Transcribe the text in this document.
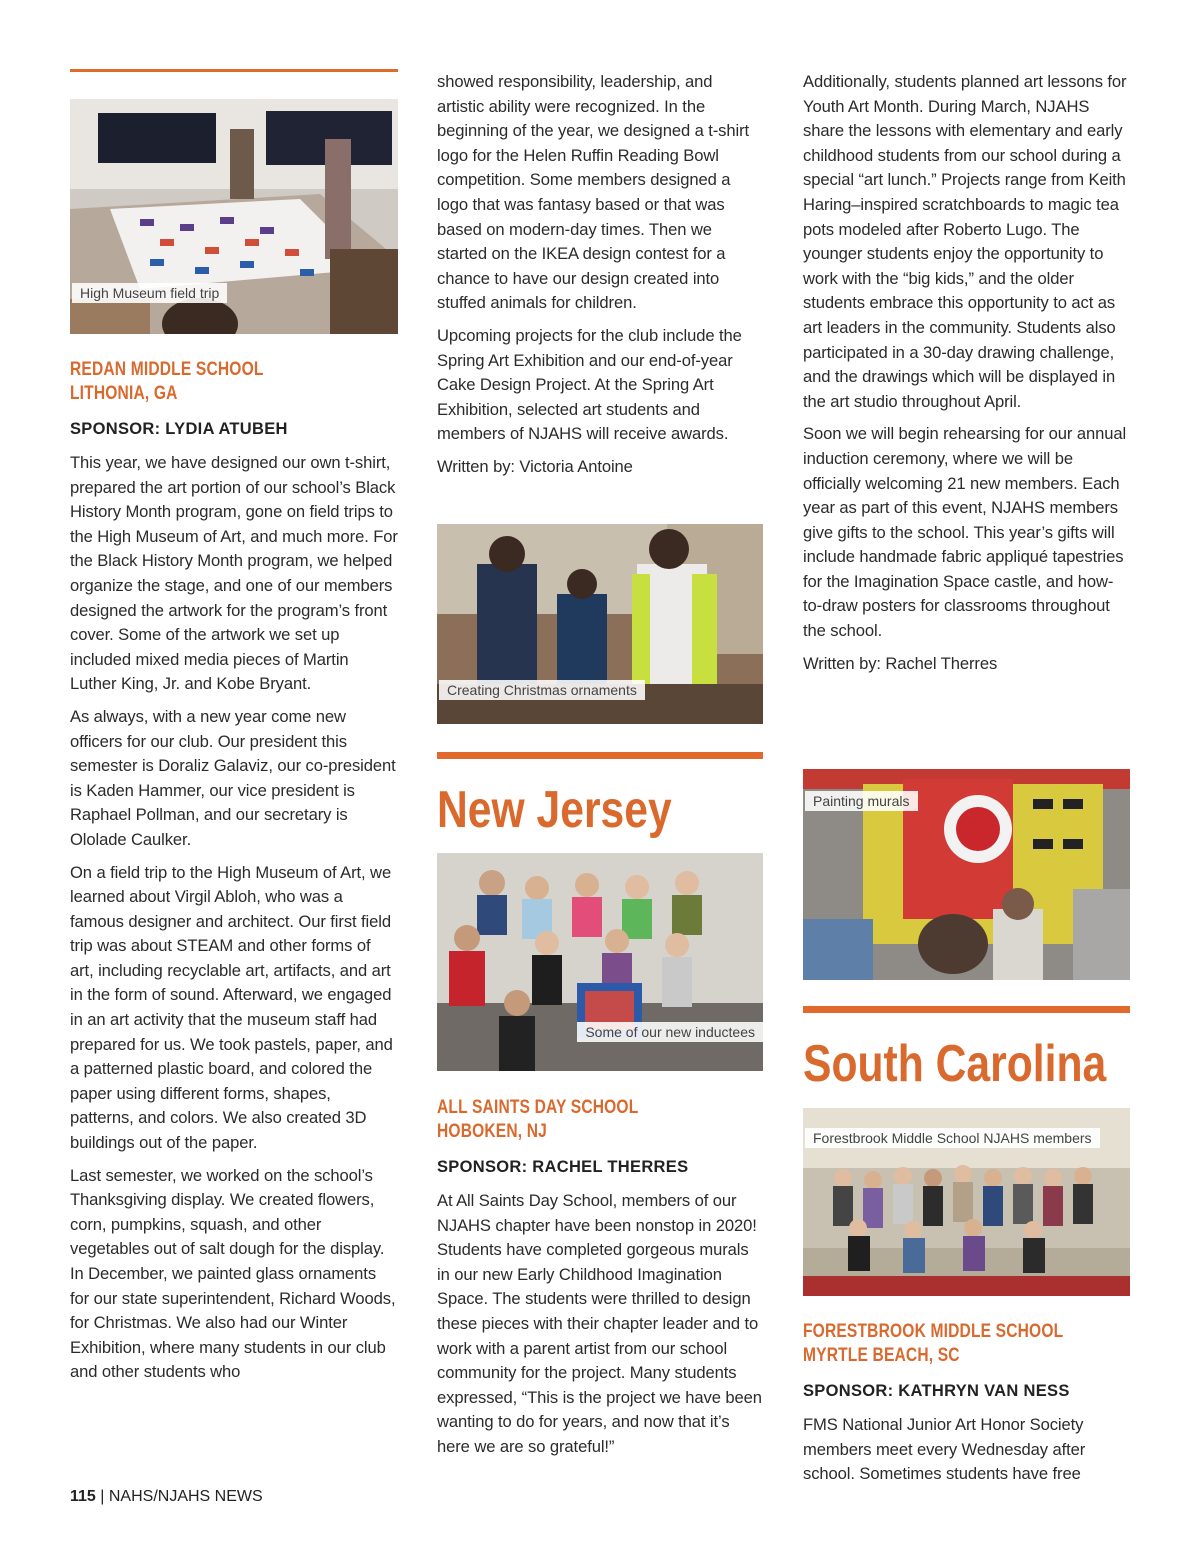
High Museum field trip
REDAN MIDDLE SCHOOL
LITHONIA, GA
SPONSOR: LYDIA ATUBEH

This year, we have designed our own t-shirt, prepared the art portion of our school’s Black History Month program, gone on field trips to the High Museum of Art, and much more. For the Black History Month program, we helped organize the stage, and one of our members designed the artwork for the program’s front cover. Some of the artwork we set up included mixed media pieces of Martin Luther King, Jr. and Kobe Bryant.

As always, with a new year come new officers for our club. Our president this semester is Doraliz Galaviz, our co-president is Kaden Hammer, our vice president is Raphael Pollman, and our secretary is Ololade Caulker.

On a field trip to the High Museum of Art, we learned about Virgil Abloh, who was a famous designer and architect. Our first field trip was about STEAM and other forms of art, including recyclable art, artifacts, and art in the form of sound. Afterward, we engaged in an art activity that the museum staff had prepared for us. We took pastels, paper, and a patterned plastic board, and colored the paper using different forms, shapes, patterns, and colors. We also created 3D buildings out of the paper.

Last semester, we worked on the school’s Thanksgiving display. We created flowers, corn, pumpkins, squash, and other vegetables out of salt dough for the display. In December, we painted glass ornaments for our state superintendent, Richard Woods, for Christmas. We also had our Winter Exhibition, where many students in our club and other students who

showed responsibility, leadership, and artistic ability were recognized. In the beginning of the year, we designed a t-shirt logo for the Helen Ruffin Reading Bowl competition. Some members designed a logo that was fantasy based or that was based on modern-day times. Then we started on the IKEA design contest for a chance to have our design created into stuffed animals for children.

Upcoming projects for the club include the Spring Art Exhibition and our end-of-year Cake Design Project. At the Spring Art Exhibition, selected art students and members of NJAHS will receive awards.

Written by: Victoria Antoine

Creating Christmas ornaments
New Jersey
Some of our new inductees
ALL SAINTS DAY SCHOOL
HOBOKEN, NJ
SPONSOR: RACHEL THERRES

At All Saints Day School, members of our NJAHS chapter have been nonstop in 2020! Students have completed gorgeous murals in our new Early Childhood Imagination Space. The students were thrilled to design these pieces with their chapter leader and to work with a parent artist from our school community for the project. Many students expressed, “This is the project we have been wanting to do for years, and now that it’s here we are so grateful!”

Additionally, students planned art lessons for Youth Art Month. During March, NJAHS share the lessons with elementary and early childhood students from our school during a special “art lunch.” Projects range from Keith Haring–inspired scratchboards to magic tea pots modeled after Roberto Lugo. The younger students enjoy the opportunity to work with the “big kids,” and the older students embrace this opportunity to act as art leaders in the community. Students also participated in a 30-day drawing challenge, and the drawings which will be displayed in the art studio throughout April.

Soon we will begin rehearsing for our annual induction ceremony, where we will be officially welcoming 21 new members. Each year as part of this event, NJAHS members give gifts to the school. This year’s gifts will include handmade fabric appliqué tapestries for the Imagination Space castle, and how-to-draw posters for classrooms throughout the school.

Written by: Rachel Therres

Painting murals
South Carolina
Forestbrook Middle School NJAHS members
FORESTBROOK MIDDLE SCHOOL
MYRTLE BEACH, SC
SPONSOR: KATHRYN VAN NESS

FMS National Junior Art Honor Society members meet every Wednesday after school. Sometimes students have free

115 | NAHS/NJAHS NEWS
